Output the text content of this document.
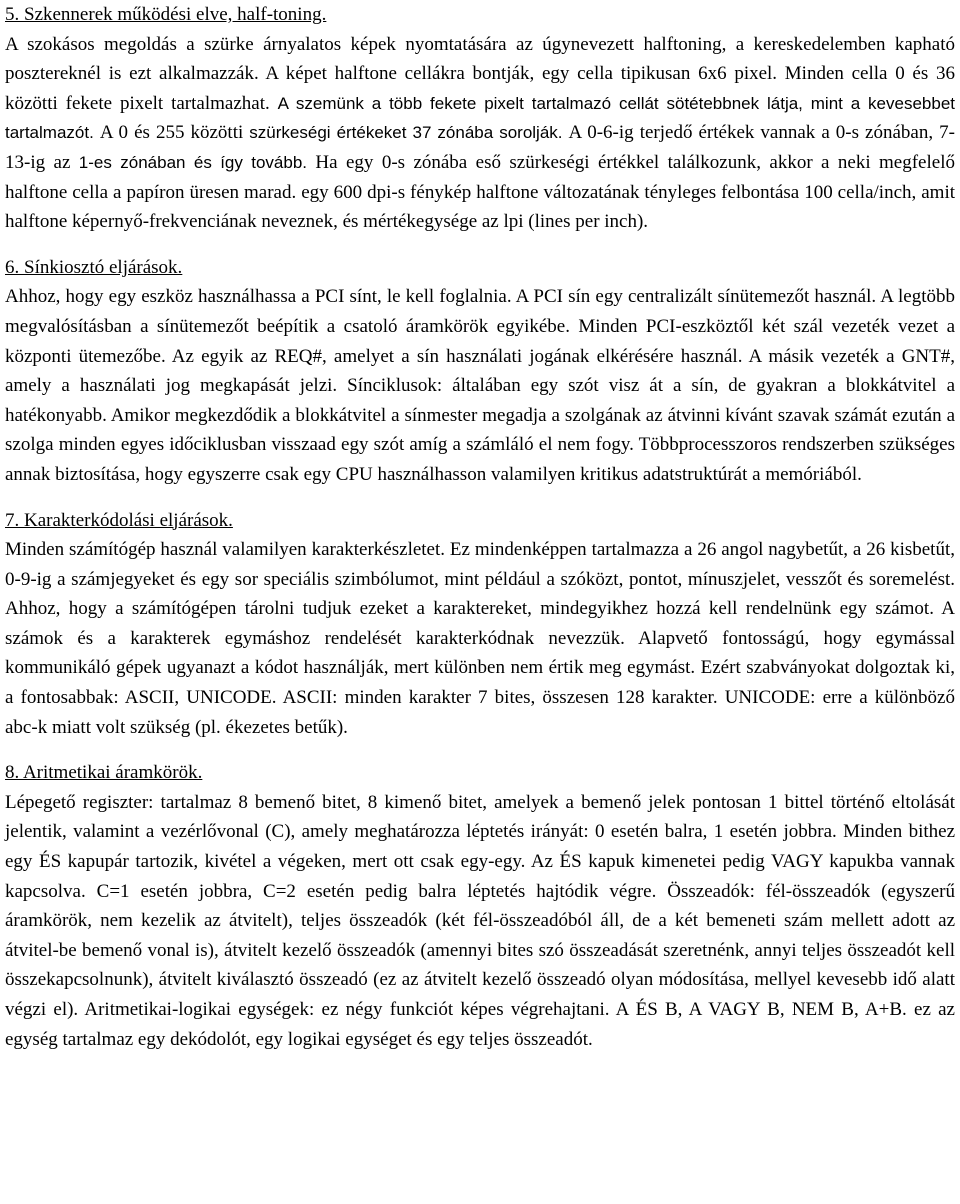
5. Szkennerek működési elve, half-toning.

A szokásos megoldás a szürke árnyalatos képek nyomtatására az úgynevezett halftoning, a kereskedelemben kapható posztereknél is ezt alkalmazzák. A képet halftone cellákra bontják, egy cella tipikusan 6x6 pixel. Minden cella 0 és 36 közötti fekete pixelt tartalmazhat. A szemünk a több fekete pixelt tartalmazó cellát sötétebbnek látja, mint a kevesebbet tartalmazót. A 0 és 255 közötti szürkeségi értékeket 37 zónába sorolják. A 0-6-ig terjedő értékek vannak a 0-s zónában, 7-13-ig az 1-es zónában és így tovább. Ha egy 0-s zónába eső szürkeségi értékkel találkozunk, akkor a neki megfelelő halftone cella a papíron üresen marad. egy 600 dpi-s fénykép halftone változatának tényleges felbontása 100 cella/inch, amit halftone képernyő-frekvenciának neveznek, és mértékegysége az lpi (lines per inch).

6. Sínkiosztó eljárások.

Ahhoz, hogy egy eszköz használhassa a PCI sínt, le kell foglalnia. A PCI sín egy centralizált sínütemezőt használ. A legtöbb megvalósításban a sínütemezőt beépítik a csatoló áramkörök egyikébe. Minden PCI-eszköztől két szál vezeték vezet a központi ütemezőbe. Az egyik az REQ#, amelyet a sín használati jogának elkérésére használ. A másik vezeték a GNT#, amely a használati jog megkapását jelzi. Sínciklusok: általában egy szót visz át a sín, de gyakran a blokkátvitel a hatékonyabb. Amikor megkezdődik a blokkátvitel a sínmester megadja a szolgának az átvinni kívánt szavak számát ezután a szolga minden egyes időciklusban visszaad egy szót amíg a számláló el nem fogy. Többprocesszoros rendszerben szükséges annak biztosítása, hogy egyszerre csak egy CPU használhasson valamilyen kritikus adatstruktúrát a memóriából.

7. Karakterkódolási eljárások.

Minden számítógép használ valamilyen karakterkészletet. Ez mindenképpen tartalmazza a 26 angol nagybetűt, a 26 kisbetűt, 0-9-ig a számjegyeket és egy sor speciális szimbólumot, mint például a szóközt, pontot, mínuszjelet, vesszőt és soremelést. Ahhoz, hogy a számítógépen tárolni tudjuk ezeket a karaktereket, mindegyikhez hozzá kell rendelnünk egy számot. A számok és a karakterek egymáshoz rendelését karakterkódnak nevezzük. Alapvető fontosságú, hogy egymással kommunikáló gépek ugyanazt a kódot használják, mert különben nem értik meg egymást. Ezért szabványokat dolgoztak ki, a fontosabbak: ASCII, UNICODE. ASCII: minden karakter 7 bites, összesen 128 karakter. UNICODE: erre a különböző abc-k miatt volt szükség (pl. ékezetes betűk).

8. Aritmetikai áramkörök.

Lépegető regiszter: tartalmaz 8 bemenő bitet, 8 kimenő bitet, amelyek a bemenő jelek pontosan 1 bittel történő eltolását jelentik, valamint a vezérlővonal (C), amely meghatározza léptetés irányát: 0 esetén balra, 1 esetén jobbra. Minden bithez egy ÉS kapupár tartozik, kivétel a végeken, mert ott csak egy-egy. Az ÉS kapuk kimenetei pedig VAGY kapukba vannak kapcsolva. C=1 esetén jobbra, C=2 esetén pedig balra léptetés hajtódik végre. Összeadók: fél-összeadók (egyszerű áramkörök, nem kezelik az átvitelt), teljes összeadók (két fél-összeadóból áll, de a két bemeneti szám mellett adott az átvitel-be bemenő vonal is), átvitelt kezelő összeadók (amennyi bites szó összeadását szeretnénk, annyi teljes összeadót kell összekapcsolnunk), átvitelt kiválasztó összeadó (ez az átvitelt kezelő összeadó olyan módosítása, mellyel kevesebb idő alatt végzi el). Aritmetikai-logikai egységek: ez négy funkciót képes végrehajtani. A ÉS B, A VAGY B, NEM B, A+B. ez az egység tartalmaz egy dekódolót, egy logikai egységet és egy teljes összeadót.
